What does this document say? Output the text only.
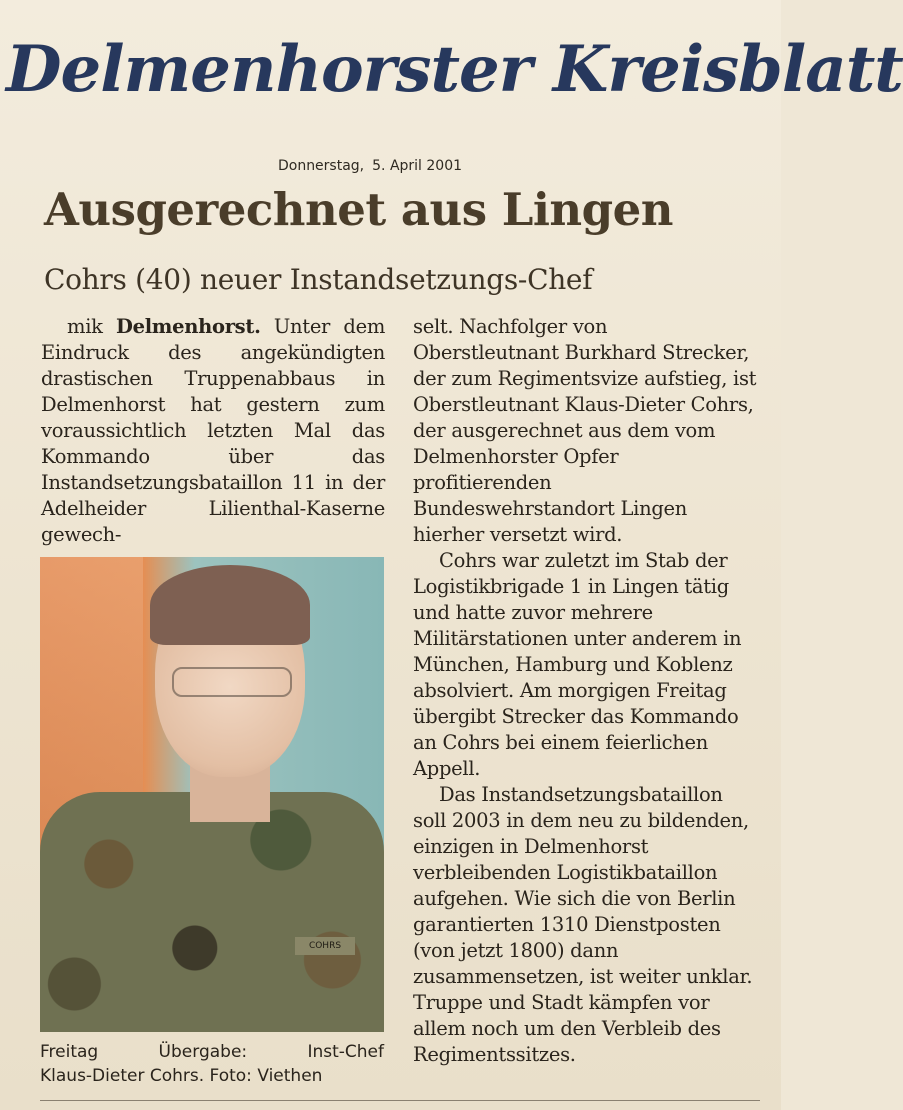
Delmenhorster Kreisblatt
Donnerstag, 5. April 2001
Ausgerechnet aus Lingen
Cohrs (40) neuer Instandsetzungs-Chef

mik Delmenhorst. Unter dem Eindruck des angekündigten drastischen Truppenabbaus in Delmenhorst hat gestern zum voraussichtlich letzten Mal das Kommando über das Instandsetzungsbataillon 11 in der Adelheider Lilienthal-Kaserne gewech-

COHRS

Freitag Übergabe: Inst-Chef

Klaus-Dieter Cohrs. Foto: Viethen

selt. Nachfolger von Oberstleutnant Burkhard Strecker, der zum Regimentsvize aufstieg, ist Oberstleutnant Klaus-Dieter Cohrs, der ausgerechnet aus dem vom Delmenhorster Opfer profitierenden Bundeswehrstandort Lingen hierher versetzt wird.

Cohrs war zuletzt im Stab der Logistikbrigade 1 in Lingen tätig und hatte zuvor mehrere Militärstationen unter anderem in München, Hamburg und Koblenz absolviert. Am morgigen Freitag übergibt Strecker das Kommando an Cohrs bei einem feierlichen Appell.

Das Instandsetzungsbataillon soll 2003 in dem neu zu bildenden, einzigen in Delmenhorst verbleibenden Logistikbataillon aufgehen. Wie sich die von Berlin garantierten 1310 Dienstposten (von jetzt 1800) dann zusammensetzen, ist weiter unklar. Truppe und Stadt kämpfen vor allem noch um den Verbleib des Regimentssitzes.
